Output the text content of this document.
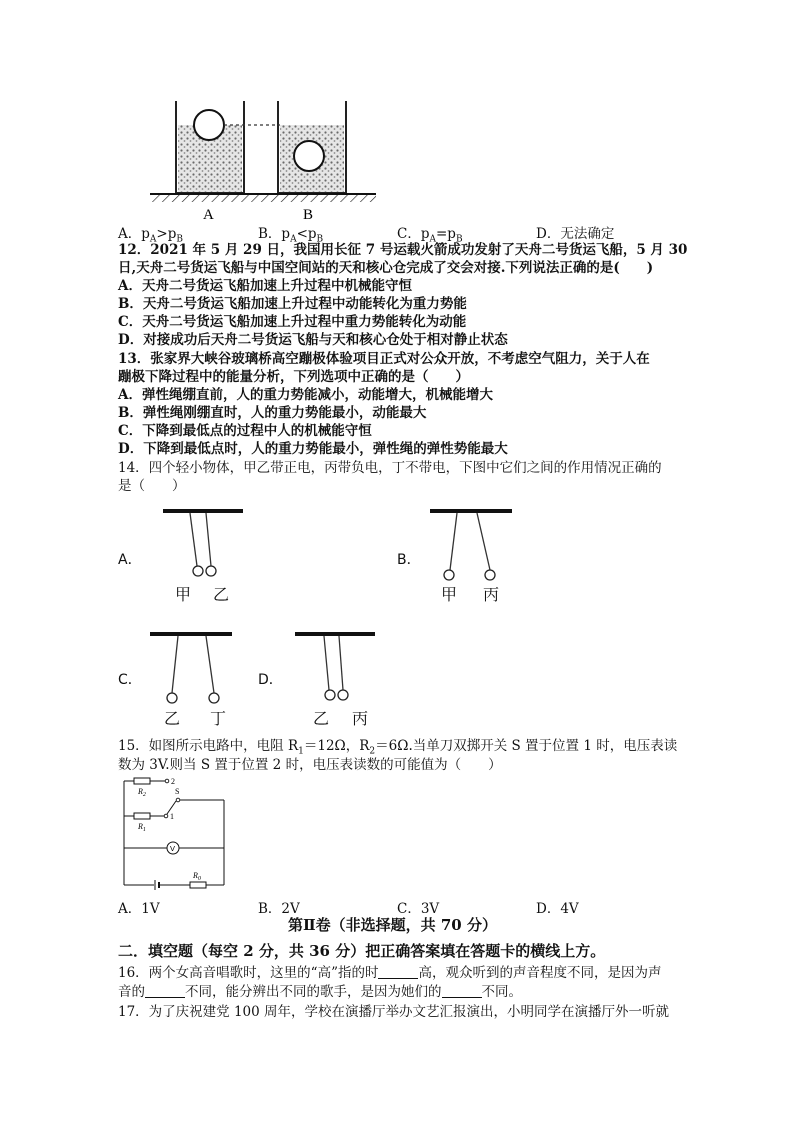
A	B
A．$p_A>p_B$	B．$p_A<p_B$	C．$p_A=p_B$	D．无法确定
12．2021 年 5 月 29 日，我国用长征 7 号运载火箭成功发射了天舟二号货运飞船，5 月 30
日,天舟二号货运飞船与中国空间站的天和核心仓完成了交会对接.下列说法正确的是(　　)
A．天舟二号货运飞船加速上升过程中机械能守恒
B．天舟二号货运飞船加速上升过程中动能转化为重力势能
C．天舟二号货运飞船加速上升过程中重力势能转化为动能
D．对接成功后天舟二号货运飞船与天和核心仓处于相对静止状态
13．张家界大峡谷玻璃桥高空蹦极体验项目正式对公众开放，不考虑空气阻力，关于人在
蹦极下降过程中的能量分析，下列选项中正确的是（　　）
A．弹性绳绷直前，人的重力势能减小，动能增大，机械能增大
B．弹性绳刚绷直时，人的重力势能最小，动能最大
C．下降到最低点的过程中人的机械能守恒
D．下降到最低点时，人的重力势能最小，弹性绳的弹性势能最大
14．四个轻小物体，甲乙带正电，丙带负电，丁不带电，下图中它们之间的作用情况正确的
是（　　）
A．
甲 乙
B．
甲 丙
C．
乙 丁
D．
乙 丙
15．如图所示电路中，电阻 $R_1=12\Omega$，$R_2=6\Omega$.当单刀双掷开关 S 置于位置 1 时，电压表读
数为 3V.则当 S 置于位置 2 时，电压表读数的可能值为（　　）
2
$R_2$
1
$R_1$
S
V
$R_0$
A．1V	B．2V	C．3V	D．4V
第Ⅱ卷（非选择题，共 70 分）
二．填空题（每空 2 分，共 36 分）把正确答案填在答题卡的横线上方。
16．两个女高音唱歌时，这里的“高”指的时	高，观众听到的声音程度不同，是因为声
音的	不同，能分辨出不同的歌手，是因为她们的	不同。
17．为了庆祝建党 100 周年，学校在演播厅举办文艺汇报演出，小明同学在演播厅外一听就
